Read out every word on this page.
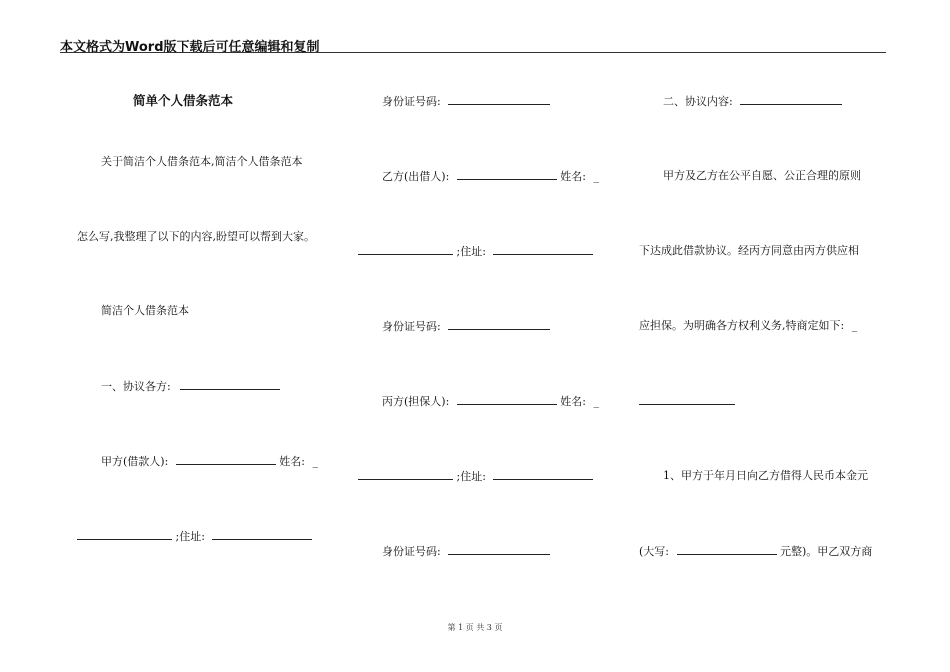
本文格式为Word版下载后可任意编辑和复制
简单个人借条范本
关于简洁个人借条范本,简洁个人借条范本
怎么写,我整理了以下的内容,盼望可以帮到大家。
简洁个人借条范本
一、协议各方:
甲方(借款人):	姓名: _
;住址:
身份证号码:
乙方(出借人):	姓名: _
;住址:
身份证号码:
丙方(担保人):	姓名: _
;住址:
身份证号码:
二、协议内容:
甲方及乙方在公平自愿、公正合理的原则
下达成此借款协议。经丙方同意由丙方供应相
应担保。为明确各方权利义务,特商定如下: _
1、甲方于年月日向乙方借得人民币本金元
(大写:	元整)。甲乙双方商
第 1 页 共 3 页
